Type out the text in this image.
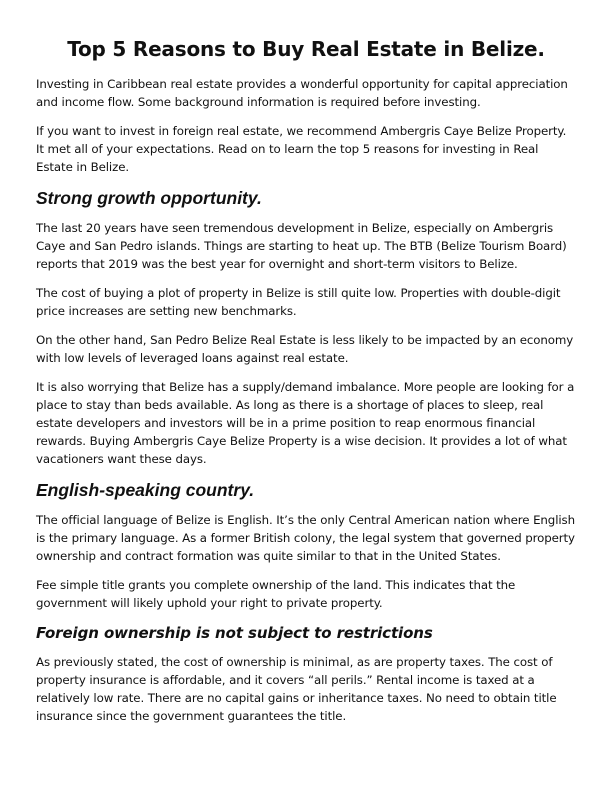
Top 5 Reasons to Buy Real Estate in Belize.

Investing in Caribbean real estate provides a wonderful opportunity for capital appreciation and income flow. Some background information is required before investing.

If you want to invest in foreign real estate, we recommend Ambergris Caye Belize Property. It met all of your expectations. Read on to learn the top 5 reasons for investing in Real Estate in Belize.

Strong growth opportunity.

The last 20 years have seen tremendous development in Belize, especially on Ambergris Caye and San Pedro islands. Things are starting to heat up. The BTB (Belize Tourism Board) reports that 2019 was the best year for overnight and short-term visitors to Belize.

The cost of buying a plot of property in Belize is still quite low. Properties with double-digit price increases are setting new benchmarks.

On the other hand, San Pedro Belize Real Estate is less likely to be impacted by an economy with low levels of leveraged loans against real estate.

It is also worrying that Belize has a supply/demand imbalance. More people are looking for a place to stay than beds available. As long as there is a shortage of places to sleep, real estate developers and investors will be in a prime position to reap enormous financial rewards. Buying Ambergris Caye Belize Property is a wise decision. It provides a lot of what vacationers want these days.

English-speaking country.

The official language of Belize is English. It’s the only Central American nation where English is the primary language. As a former British colony, the legal system that governed property ownership and contract formation was quite similar to that in the United States.

Fee simple title grants you complete ownership of the land. This indicates that the government will likely uphold your right to private property.

Foreign ownership is not subject to restrictions

As previously stated, the cost of ownership is minimal, as are property taxes. The cost of property insurance is affordable, and it covers “all perils.” Rental income is taxed at a relatively low rate. There are no capital gains or inheritance taxes. No need to obtain title insurance since the government guarantees the title.
